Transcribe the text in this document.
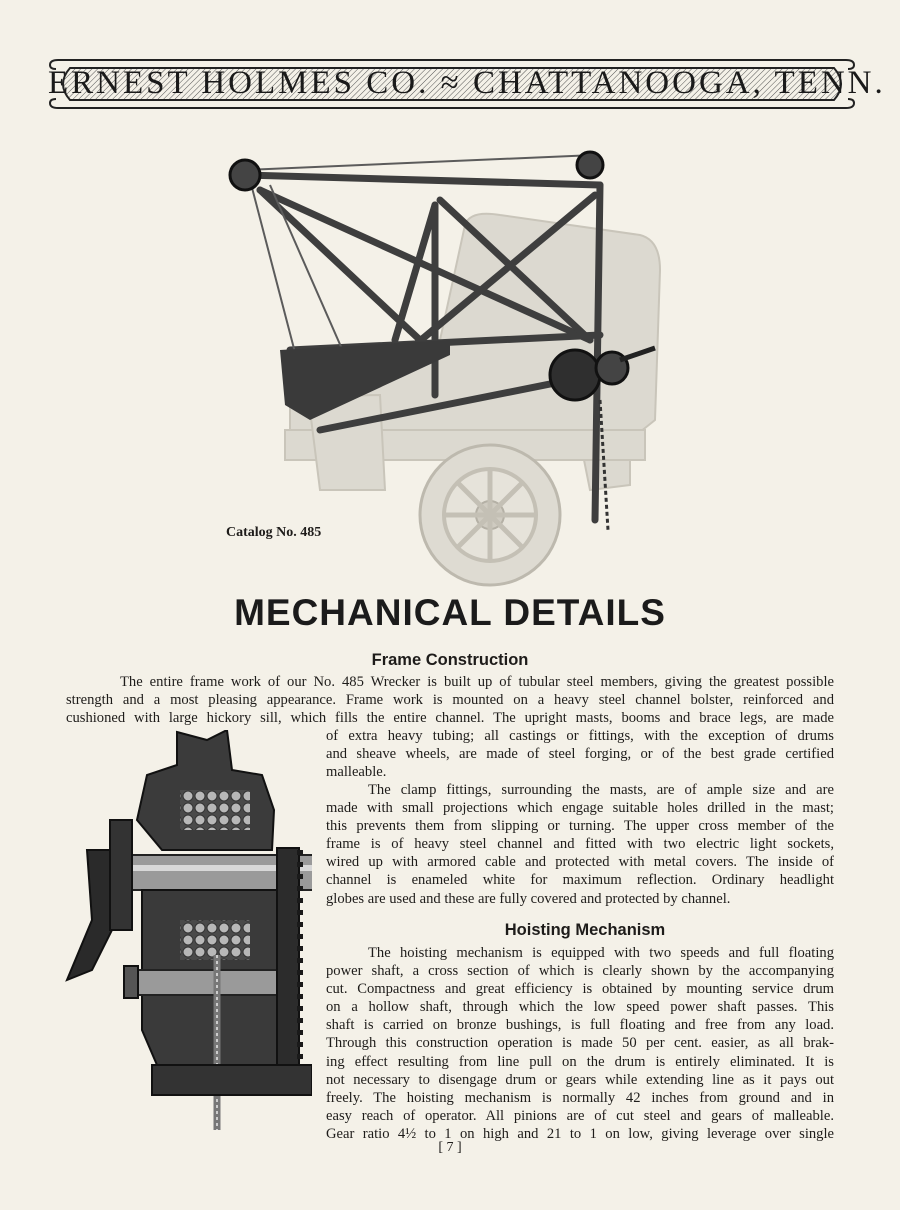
ERNEST HOLMES CO. ≈ CHATTANOOGA, TENN.
Catalog No. 485
MECHANICAL DETAILS
Frame Construction
The entire frame work of our No. 485 Wrecker is built up of tubular steel members, giving the greatest possible
strength and a most pleasing appearance. Frame work is mounted on a heavy steel channel bolster, reinforced and
cushioned with large hickory sill, which fills the entire channel. The upright masts, booms and brace legs, are made
of extra heavy tubing; all castings or fittings, with the exception of drums
and sheave wheels, are made of steel forging, or of the best grade certified
malleable.
The clamp fittings, surrounding the masts, are of ample size and are
made with small projections which engage suitable holes drilled in the mast;
this prevents them from slipping or turning. The upper cross member of the
frame is of heavy steel channel and fitted with two electric light sockets,
wired up with armored cable and protected with metal covers. The inside of
channel is enameled white for maximum reflection. Ordinary headlight
globes are used and these are fully covered and protected by channel.
Hoisting Mechanism
The hoisting mechanism is equipped with two speeds and full floating
power shaft, a cross section of which is clearly shown by the accompanying
cut. Compactness and great efficiency is obtained by mounting service drum
on a hollow shaft, through which the low speed power shaft passes. This
shaft is carried on bronze bushings, is full floating and free from any load.
Through this construction operation is made 50 per cent. easier, as all brak-
ing effect resulting from line pull on the drum is entirely eliminated. It is
not necessary to disengage drum or gears while extending line as it pays out
freely. The hoisting mechanism is normally 42 inches from ground and in
easy reach of operator. All pinions are of cut steel and gears of malleable.
Gear ratio 4½ to 1 on high and 21 to 1 on low, giving leverage over single
[ 7 ]
